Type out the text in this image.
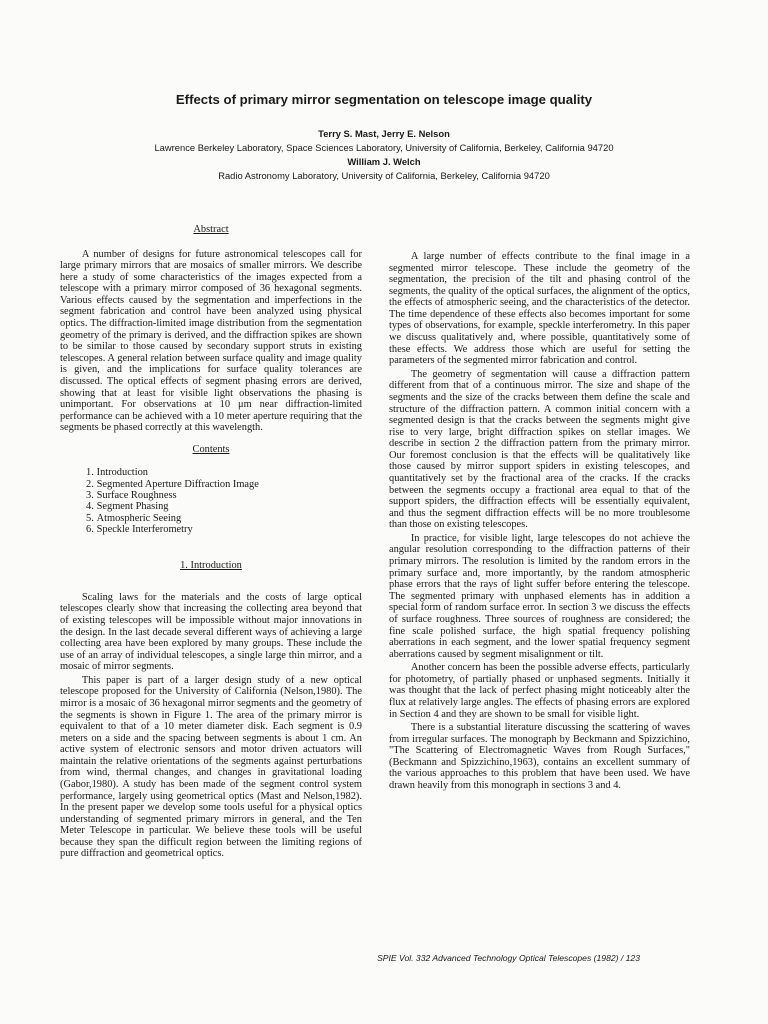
Effects of primary mirror segmentation on telescope image quality
Terry S. Mast, Jerry E. Nelson
Lawrence Berkeley Laboratory, Space Sciences Laboratory, University of California, Berkeley, California 94720
William J. Welch
Radio Astronomy Laboratory, University of California, Berkeley, California 94720
Abstract

A number of designs for future astronomical telescopes call for large primary mirrors that are mosaics of smaller mirrors. We describe here a study of some characteristics of the images expected from a telescope with a primary mirror composed of 36 hexagonal segments. Various effects caused by the segmentation and imperfections in the segment fabrication and control have been analyzed using physical optics. The diffraction-limited image distribution from the segmentation geometry of the primary is derived, and the diffraction spikes are shown to be similar to those caused by secondary support struts in existing telescopes. A general relation between surface quality and image quality is given, and the implications for surface quality tolerances are discussed. The optical effects of segment phasing errors are derived, showing that at least for visible light observations the phasing is unimportant. For observations at 10 μm near diffraction-limited performance can be achieved with a 10 meter aperture requiring that the segments be phased correctly at this wavelength.

Contents
1. Introduction
2. Segmented Aperture Diffraction Image
3. Surface Roughness
4. Segment Phasing
5. Atmospheric Seeing
6. Speckle Interferometry
1. Introduction

Scaling laws for the materials and the costs of large optical telescopes clearly show that increasing the collecting area beyond that of existing telescopes will be impossible without major innovations in the design. In the last decade several different ways of achieving a large collecting area have been explored by many groups. These include the use of an array of individual telescopes, a single large thin mirror, and a mosaic of mirror segments.

This paper is part of a larger design study of a new optical telescope proposed for the University of California (Nelson,1980). The mirror is a mosaic of 36 hexagonal mirror segments and the geometry of the segments is shown in Figure 1. The area of the primary mirror is equivalent to that of a 10 meter diameter disk. Each segment is 0.9 meters on a side and the spacing between segments is about 1 cm. An active system of electronic sensors and motor driven actuators will maintain the relative orientations of the segments against perturbations from wind, thermal changes, and changes in gravitational loading (Gabor,1980). A study has been made of the segment control system performance, largely using geometrical optics (Mast and Nelson,1982). In the present paper we develop some tools useful for a physical optics understanding of segmented primary mirrors in general, and the Ten Meter Telescope in particular. We believe these tools will be useful because they span the difficult region between the limiting regions of pure diffraction and geometrical optics.

A large number of effects contribute to the final image in a segmented mirror telescope. These include the geometry of the segmentation, the precision of the tilt and phasing control of the segments, the quality of the optical surfaces, the alignment of the optics, the effects of atmospheric seeing, and the characteristics of the detector. The time dependence of these effects also becomes important for some types of observations, for example, speckle interferometry. In this paper we discuss qualitatively and, where possible, quantitatively some of these effects. We address those which are useful for setting the parameters of the segmented mirror fabrication and control.

The geometry of segmentation will cause a diffraction pattern different from that of a continuous mirror. The size and shape of the segments and the size of the cracks between them define the scale and structure of the diffraction pattern. A common initial concern with a segmented design is that the cracks between the segments might give rise to very large, bright diffraction spikes on stellar images. We describe in section 2 the diffraction pattern from the primary mirror. Our foremost conclusion is that the effects will be qualitatively like those caused by mirror support spiders in existing telescopes, and quantitatively set by the fractional area of the cracks. If the cracks between the segments occupy a fractional area equal to that of the support spiders, the diffraction effects will be essentially equivalent, and thus the segment diffraction effects will be no more troublesome than those on existing telescopes.

In practice, for visible light, large telescopes do not achieve the angular resolution corresponding to the diffraction patterns of their primary mirrors. The resolution is limited by the random errors in the primary surface and, more importantly, by the random atmospheric phase errors that the rays of light suffer before entering the telescope. The segmented primary with unphased elements has in addition a special form of random surface error. In section 3 we discuss the effects of surface roughness. Three sources of roughness are considered; the fine scale polished surface, the high spatial frequency polishing aberrations in each segment, and the lower spatial frequency segment aberrations caused by segment misalignment or tilt.

Another concern has been the possible adverse effects, particularly for photometry, of partially phased or unphased segments. Initially it was thought that the lack of perfect phasing might noticeably alter the flux at relatively large angles. The effects of phasing errors are explored in Section 4 and they are shown to be small for visible light.

There is a substantial literature discussing the scattering of waves from irregular surfaces. The monograph by Beckmann and Spizzichino, "The Scattering of Electromagnetic Waves from Rough Surfaces," (Beckmann and Spizzichino,1963), contains an excellent summary of the various approaches to this problem that have been used. We have drawn heavily from this monograph in sections 3 and 4.

SPIE Vol. 332 Advanced Technology Optical Telescopes (1982) / 123
